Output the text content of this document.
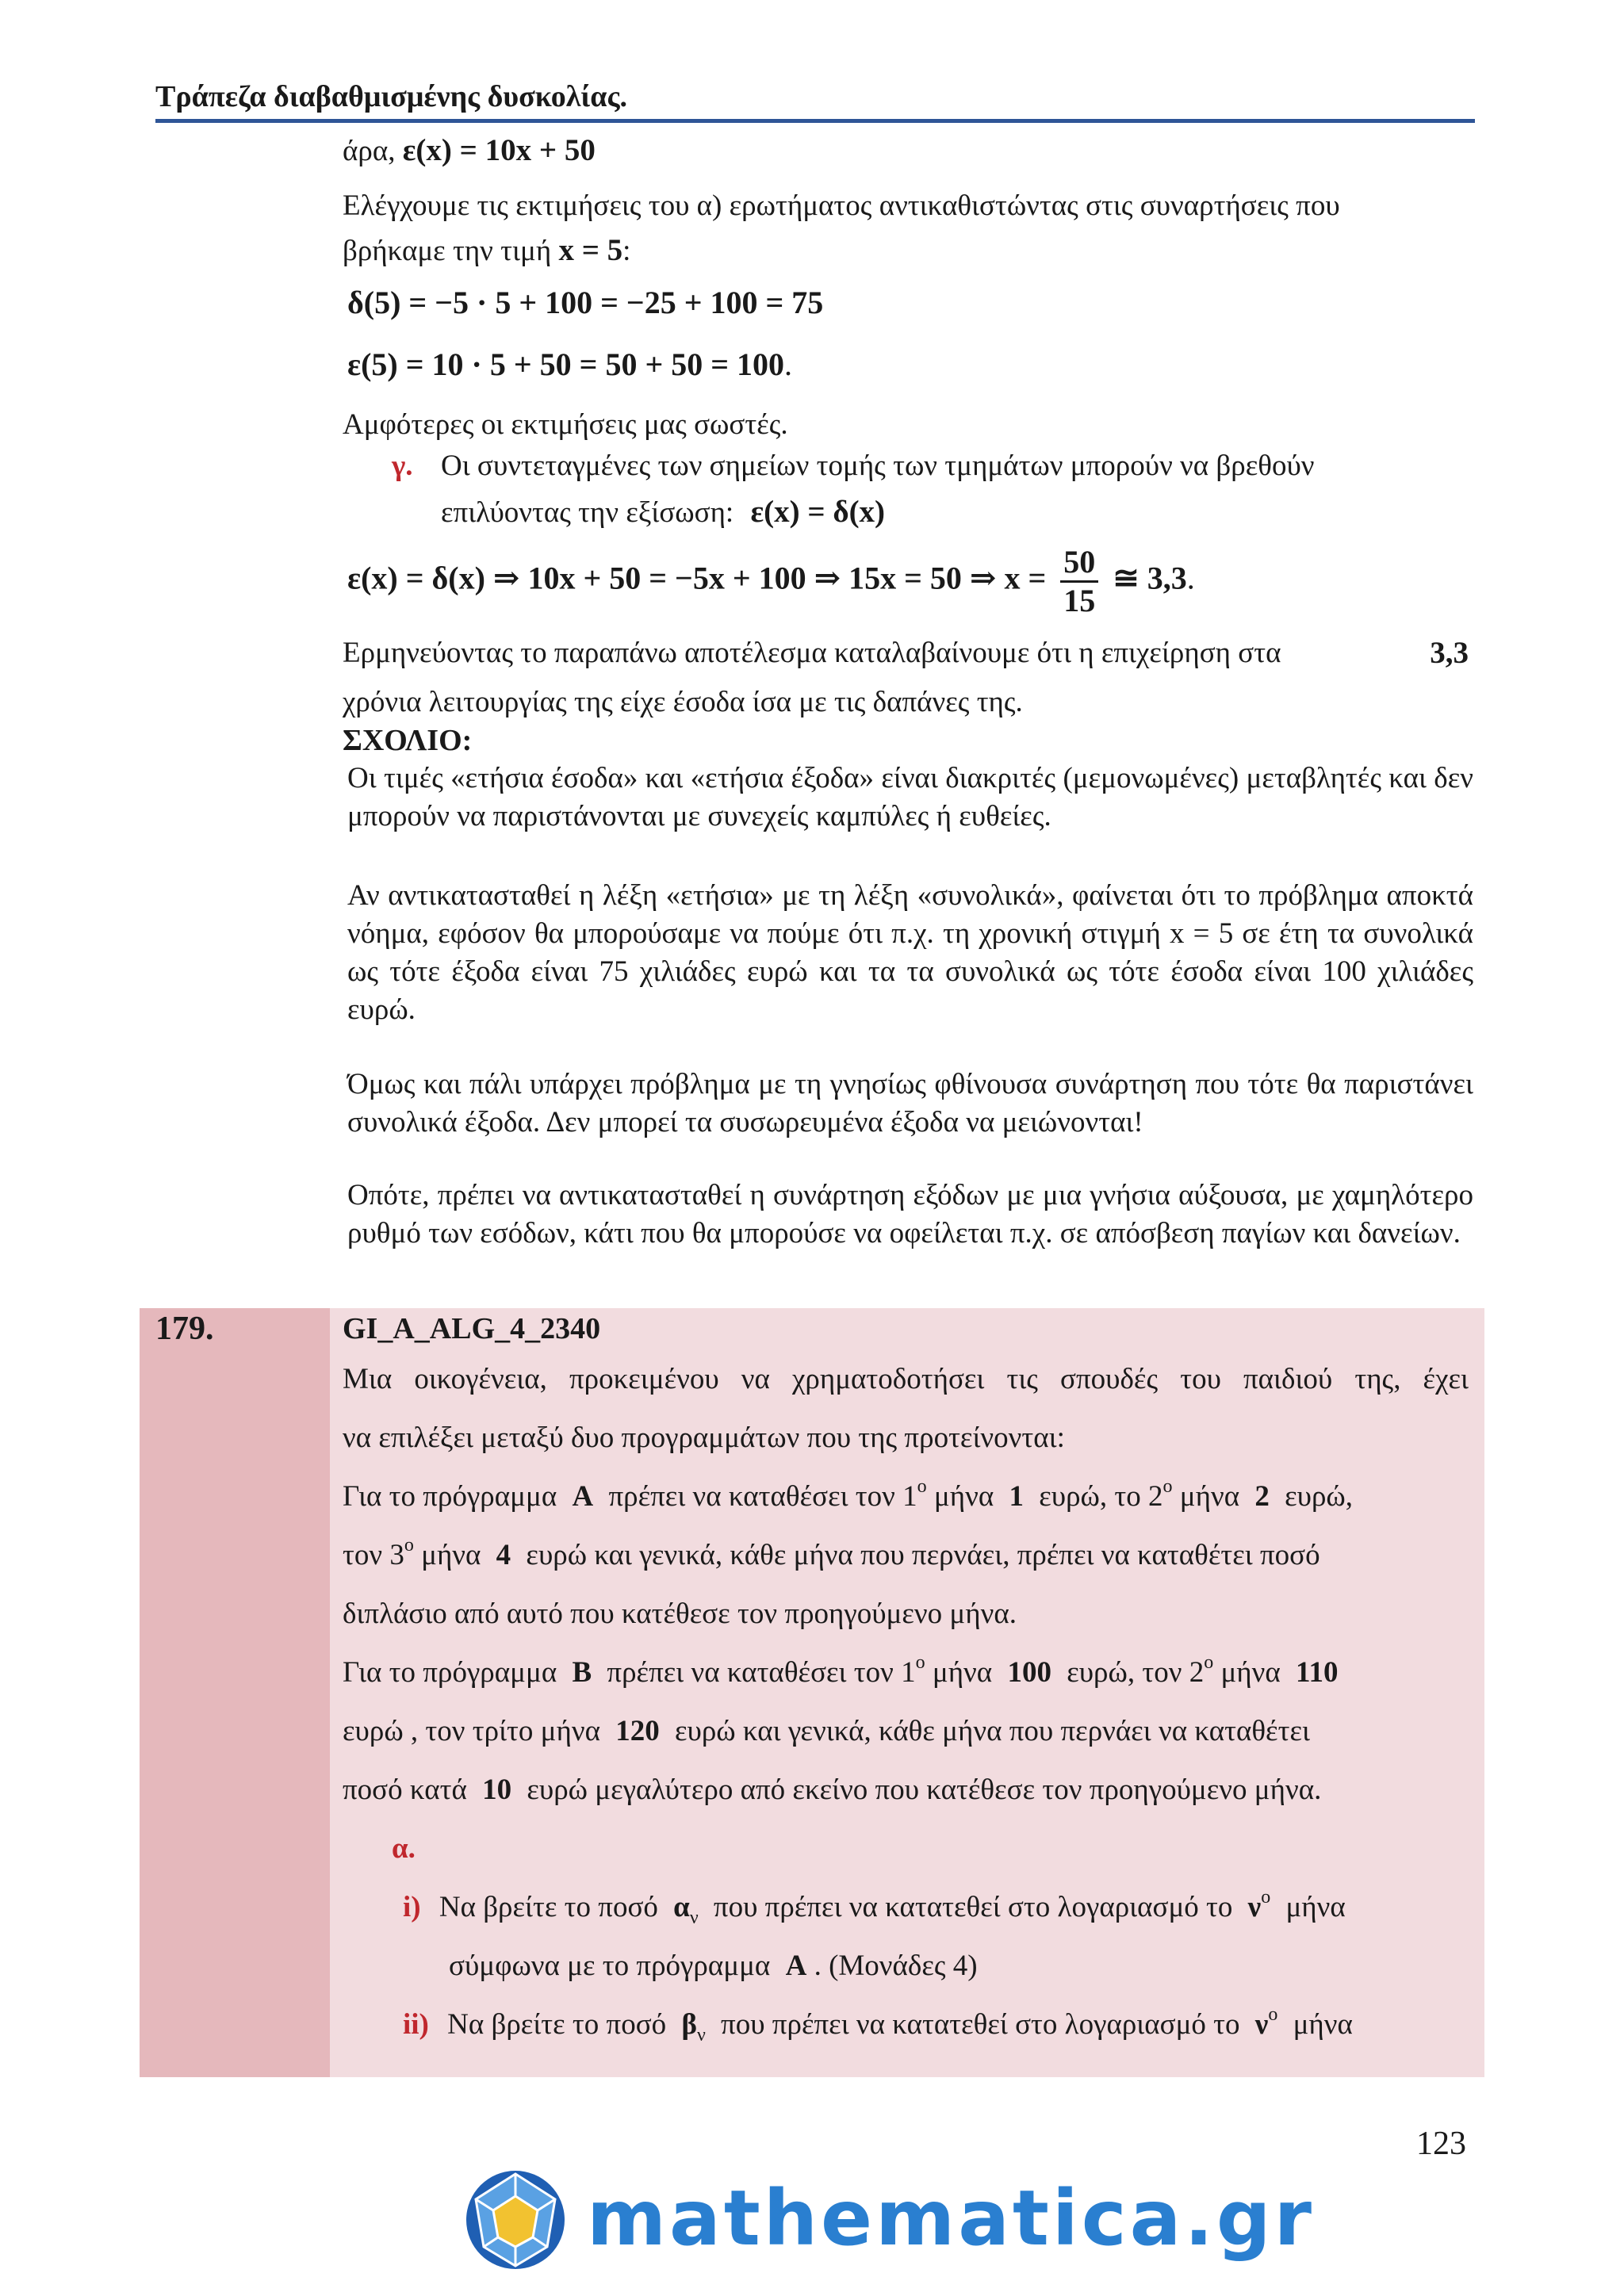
Τράπεζα διαβαθμισμένης δυσκολίας.
άρα, ε(x) = 10x + 50
Ελέγχουμε τις εκτιμήσεις του α) ερωτήματος αντικαθιστώντας στις συναρτήσεις που
βρήκαμε την τιμή x = 5:
δ(5) = −5 · 5 + 100 = −25 + 100 = 75
ε(5) = 10 · 5 + 50 = 50 + 50 = 100.
Αμφότερες οι εκτιμήσεις μας σωστές.
γ. Οι συντεταγμένες των σημείων τομής των τμημάτων μπορούν να βρεθούν
επιλύοντας την εξίσωση: ε(x) = δ(x)
ε(x) = δ(x) ⇒ 10x + 50 = −5x + 100 ⇒ 15x = 50 ⇒ $x = \frac{50}{15}$ ≅ 3,3.
Ερμηνεύοντας το παραπάνω αποτέλεσμα καταλαβαίνουμε ότι η επιχείρηση στα	3,3
χρόνια λειτουργίας της είχε έσοδα ίσα με τις δαπάνες της.
ΣΧΟΛΙΟ:
Οι τιμές «ετήσια έσοδα» και «ετήσια έξοδα» είναι διακριτές (μεμονωμένες) μεταβλητές και δεν μπορούν να παριστάνονται με συνεχείς καμπύλες ή ευθείες.
Αν αντικατασταθεί η λέξη «ετήσια» με τη λέξη «συνολικά», φαίνεται ότι το πρόβλημα αποκτά νόημα, εφόσον θα μπορούσαμε να πούμε ότι π.χ. τη χρονική στιγμή x = 5 σε έτη τα συνολικά ως τότε έξοδα είναι 75 χιλιάδες ευρώ και τα τα συνολικά ως τότε έσοδα είναι 100 χιλιάδες ευρώ.
Όμως και πάλι υπάρχει πρόβλημα με τη γνησίως φθίνουσα συνάρτηση που τότε θα παριστάνει συνολικά έξοδα. Δεν μπορεί τα συσωρευμένα έξοδα να μειώνονται!
Οπότε, πρέπει να αντικατασταθεί η συνάρτηση εξόδων με μια γνήσια αύξουσα, με χαμηλότερο ρυθμό των εσόδων, κάτι που θα μπορούσε να οφείλεται π.χ. σε απόσβεση παγίων και δανείων.
179.	GI_A_ALG_4_2340
Μια οικογένεια, προκειμένου να χρηματοδοτήσει τις σπουδές του παιδιού της, έχει
να επιλέξει μεταξύ δυο προγραμμάτων που της προτείνονται:
Για το πρόγραμμα A πρέπει να καταθέσει τον $1^o$ μήνα 1 ευρώ, το $2^o$ μήνα 2 ευρώ,
τον $3^o$ μήνα 4 ευρώ και γενικά, κάθε μήνα που περνάει, πρέπει να καταθέτει ποσό
διπλάσιο από αυτό που κατέθεσε τον προηγούμενο μήνα.
Για το πρόγραμμα B πρέπει να καταθέσει τον $1^o$ μήνα 100 ευρώ, τον $2^o$ μήνα 110
ευρώ , τον τρίτο μήνα 120 ευρώ και γενικά, κάθε μήνα που περνάει να καταθέτει
ποσό κατά 10 ευρώ μεγαλύτερο από εκείνο που κατέθεσε τον προηγούμενο μήνα.
α.
i) Να βρείτε το ποσό αν που πρέπει να κατατεθεί στο λογαριασμό το $\nu^o$ μήνα
σύμφωνα με το πρόγραμμα A . (Μονάδες 4)
ii) Να βρείτε το ποσό βν που πρέπει να κατατεθεί στο λογαριασμό το $\nu^o$ μήνα
123
mathematica.gr
